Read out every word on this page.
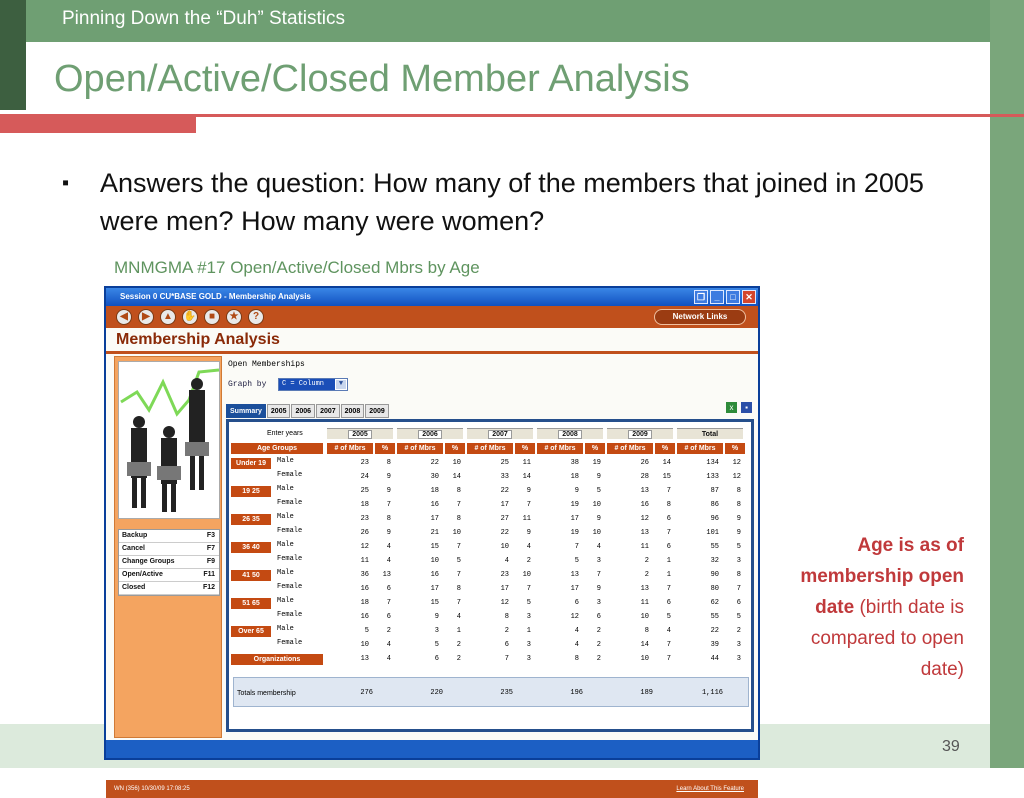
Pinning Down the “Duh” Statistics
Open/Active/Closed Member Analysis
▪ Answers the question: How many of the members that joined in 2005 were men? How many were women?
MNMGMA #17 Open/Active/Closed Mbrs by Age
Age is as of membership open date (birth date is compared to open date)
39
Session 0 CU*BASE GOLD - Membership Analysis	❐	_	□	✕
◀	▶	▲	✋	■	★	?	Network Links
Membership Analysis
Backup	F3
Cancel	F7
Change Groups	F9
Open/Active	F11
Closed	F12
Open Memberships
Graph by	C = Column	▼
Summary	2005	2006	2007	2008	2009	x	▪
Enter years	2005	2006	2007	2008	2009	Total
Age Groups	# of Mbrs	%	# of Mbrs	%	# of Mbrs	%	# of Mbrs	%	# of Mbrs	%	# of Mbrs	%
Under 19	Male	23	8	22	10	25	11	38	19	26	14	134	12
Female	24	9	30	14	33	14	18	9	28	15	133	12
19 25	Male	25	9	18	8	22	9	9	5	13	7	87	8
Female	18	7	16	7	17	7	19	10	16	8	86	8
26 35	Male	23	8	17	8	27	11	17	9	12	6	96	9
Female	26	9	21	10	22	9	19	10	13	7	101	9
36 40	Male	12	4	15	7	10	4	7	4	11	6	55	5
Female	11	4	10	5	4	2	5	3	2	1	32	3
41 50	Male	36	13	16	7	23	10	13	7	2	1	90	8
Female	16	6	17	8	17	7	17	9	13	7	80	7
51 65	Male	18	7	15	7	12	5	6	3	11	6	62	6
Female	16	6	9	4	8	3	12	6	10	5	55	5
Over 65	Male	5	2	3	1	2	1	4	2	8	4	22	2
Female	10	4	5	2	6	3	4	2	14	7	39	3
Organizations	13	4	6	2	7	3	8	2	10	7	44	3
Totals membership	276	220	235	196	189	1,116
WN (356) 10/30/09 17:08:25	Learn About This Feature
